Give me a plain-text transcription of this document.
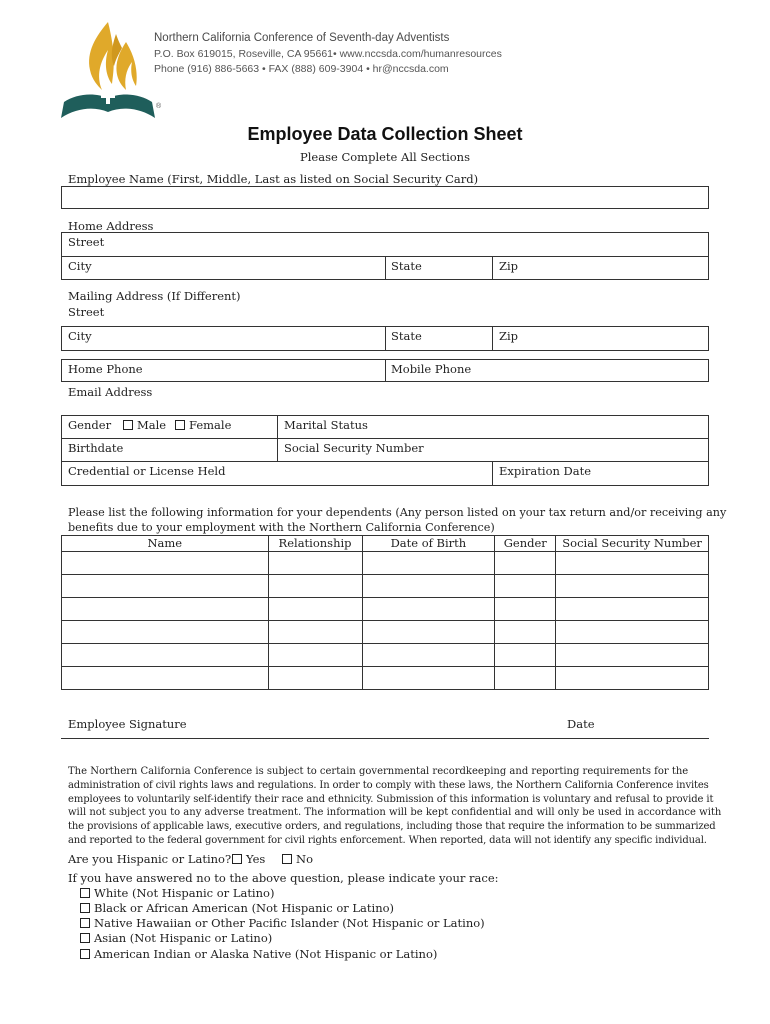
®
Northern California Conference of Seventh-day Adventists
P.O. Box 619015, Roseville, CA 95661• www.nccsda.com/humanresources
Phone (916) 886-5663 • FAX (888) 609-3904 • hr@nccsda.com
Employee Data Collection Sheet
Please Complete All Sections
Employee Name (First, Middle, Last as listed on Social Security Card)
Home Address
Street
City	State	Zip
Mailing Address (If Different)
Street
City	State	Zip
Home Phone	Mobile Phone
Email Address
Gender	Male	Female	Marital Status
Birthdate	Social Security Number
Credential or License Held	Expiration Date
Please list the following information for your dependents (Any person listed on your tax return and/or receiving any
benefits due to your employment with the Northern California Conference)
Name	Relationship	Date of Birth	Gender	Social Security Number

Employee Signature	Date
The Northern California Conference is subject to certain governmental recordkeeping and reporting requirements for the
administration of civil rights laws and regulations. In order to comply with these laws, the Northern California Conference invites
employees to voluntarily self-identify their race and ethnicity. Submission of this information is voluntary and refusal to provide it
will not subject you to any adverse treatment. The information will be kept confidential and will only be used in accordance with
the provisions of applicable laws, executive orders, and regulations, including those that require the information to be summarized
and reported to the federal government for civil rights enforcement. When reported, data will not identify any specific individual.
Are you Hispanic or Latino?	Yes	No
If you have answered no to the above question, please indicate your race:
White (Not Hispanic or Latino)
Black or African American (Not Hispanic or Latino)
Native Hawaiian or Other Pacific Islander (Not Hispanic or Latino)
Asian (Not Hispanic or Latino)
American Indian or Alaska Native (Not Hispanic or Latino)
